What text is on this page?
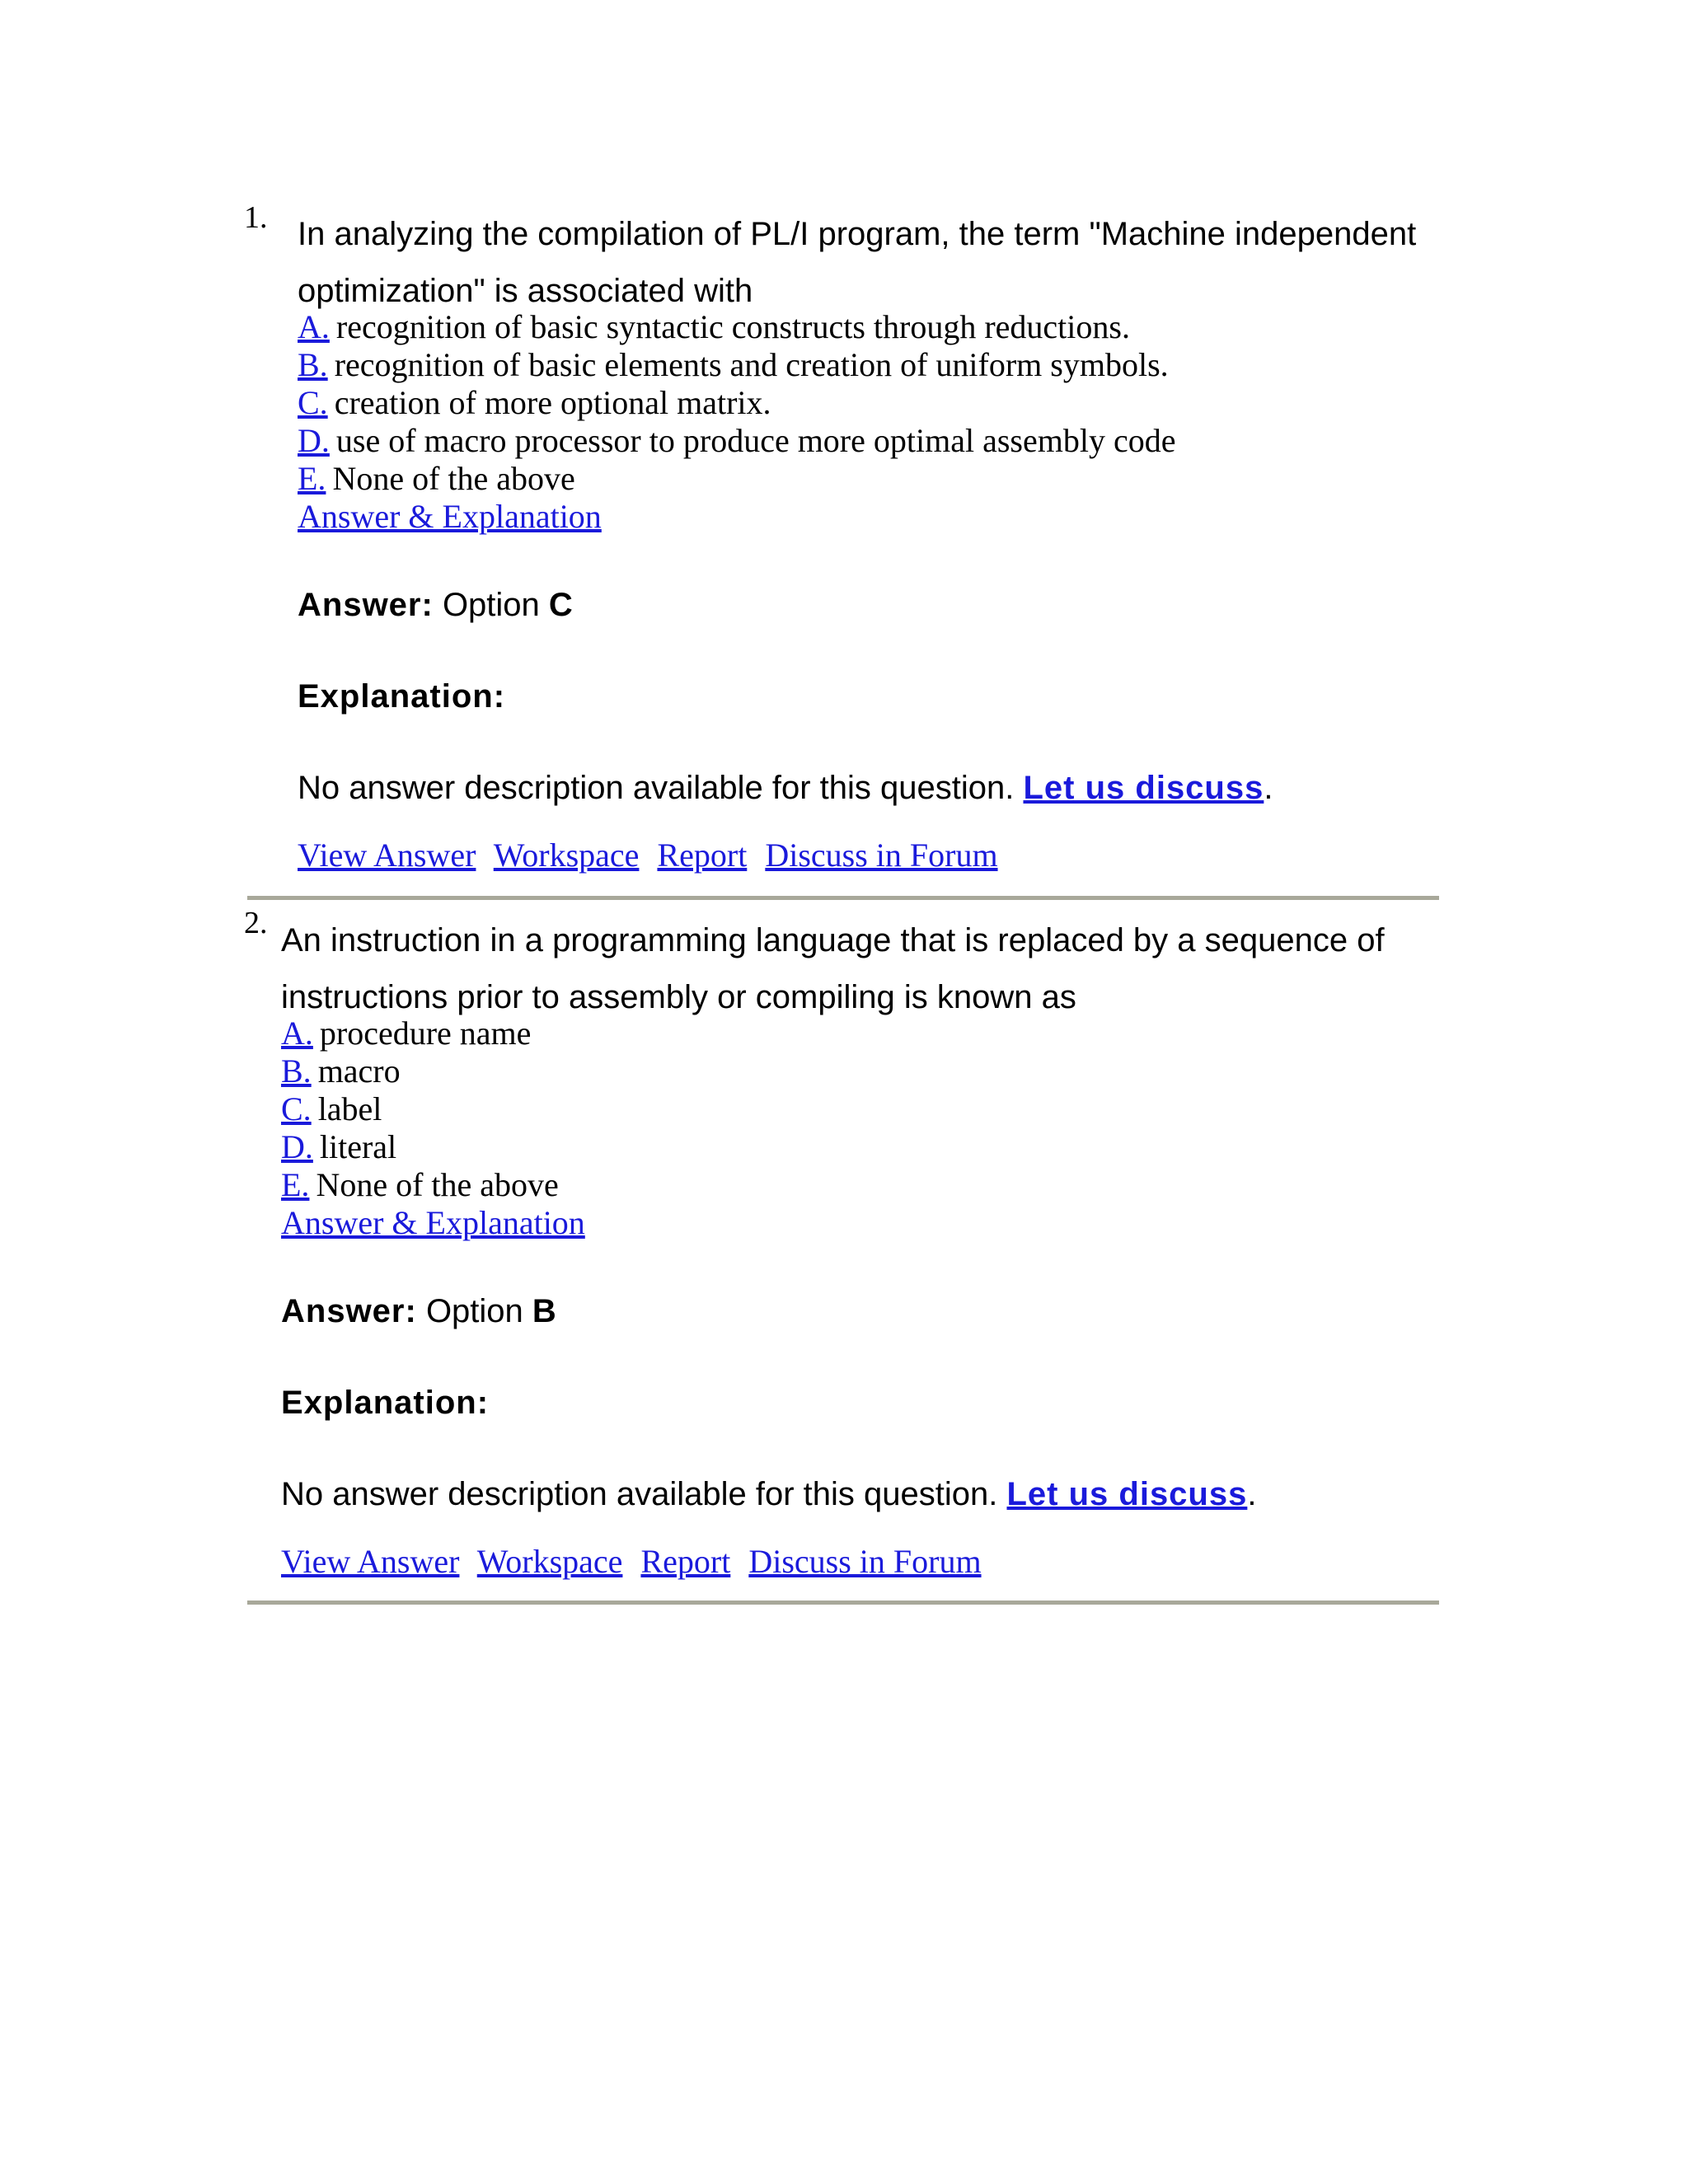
1. In analyzing the compilation of PL/I program, the term "Machine independent
optimization" is associated with

A. recognition of basic syntactic constructs through reductions.
B. recognition of basic elements and creation of uniform symbols.
C. creation of more optional matrix.
D. use of macro processor to produce more optimal assembly code
E. None of the above
Answer & Explanation
Answer: Option C
Explanation:
No answer description available for this question. Let us discuss.
View Answer Workspace Report Discuss in Forum
2. An instruction in a programming language that is replaced by a sequence of
instructions prior to assembly or compiling is known as

A. procedure name
B. macro
C. label
D. literal
E. None of the above
Answer & Explanation
Answer: Option B
Explanation:
No answer description available for this question. Let us discuss.
View Answer Workspace Report Discuss in Forum
